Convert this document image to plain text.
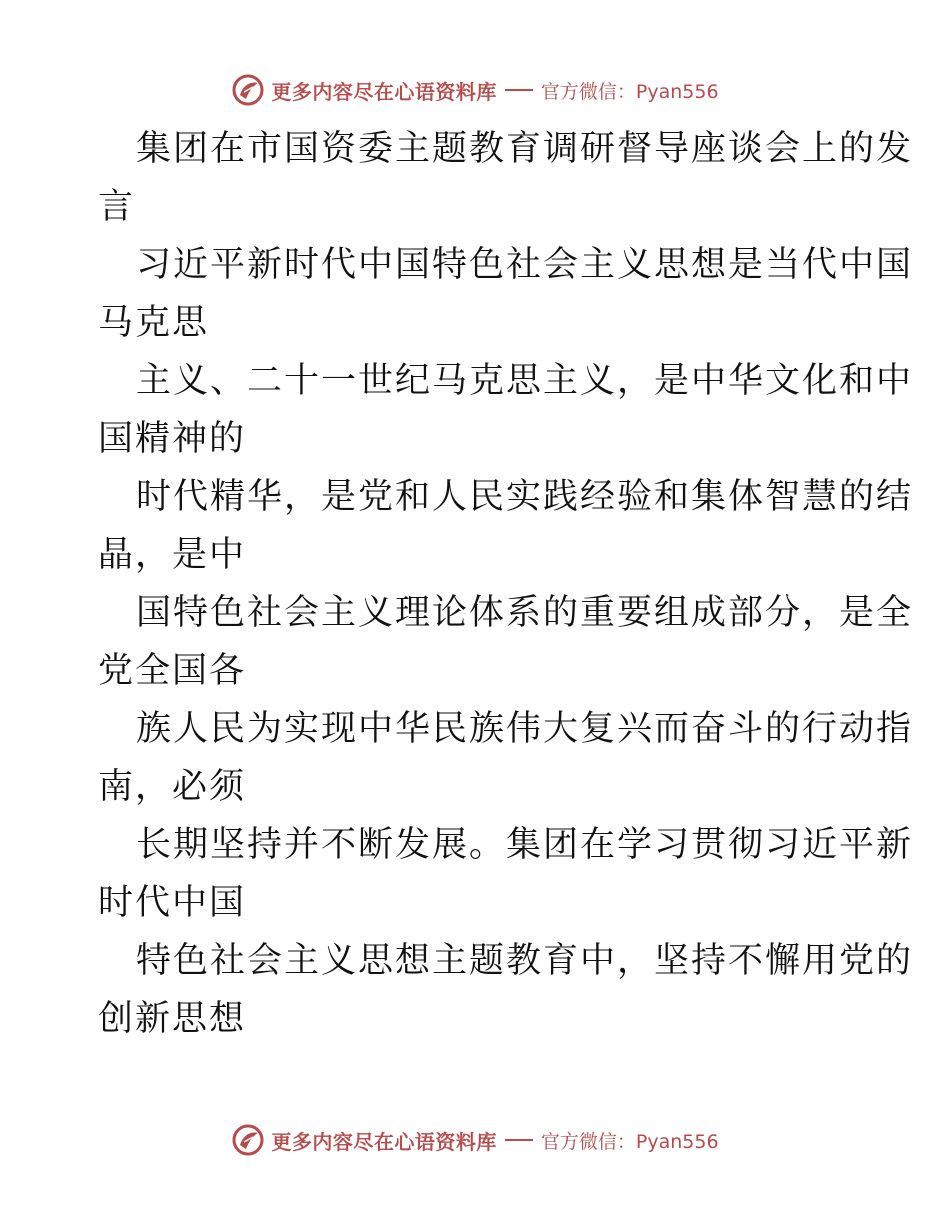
更多内容尽在心语资料库 官方微信：Pyan556
集团在市国资委主题教育调研督导座谈会上的发
言
习近平新时代中国特色社会主义思想是当代中国
马克思
主义、二十一世纪马克思主义，是中华文化和中
国精神的
时代精华，是党和人民实践经验和集体智慧的结
晶，是中
国特色社会主义理论体系的重要组成部分，是全
党全国各
族人民为实现中华民族伟大复兴而奋斗的行动指
南，必须
长期坚持并不断发展。集团在学习贯彻习近平新
时代中国
特色社会主义思想主题教育中，坚持不懈用党的
创新思想
更多内容尽在心语资料库 官方微信：Pyan556
